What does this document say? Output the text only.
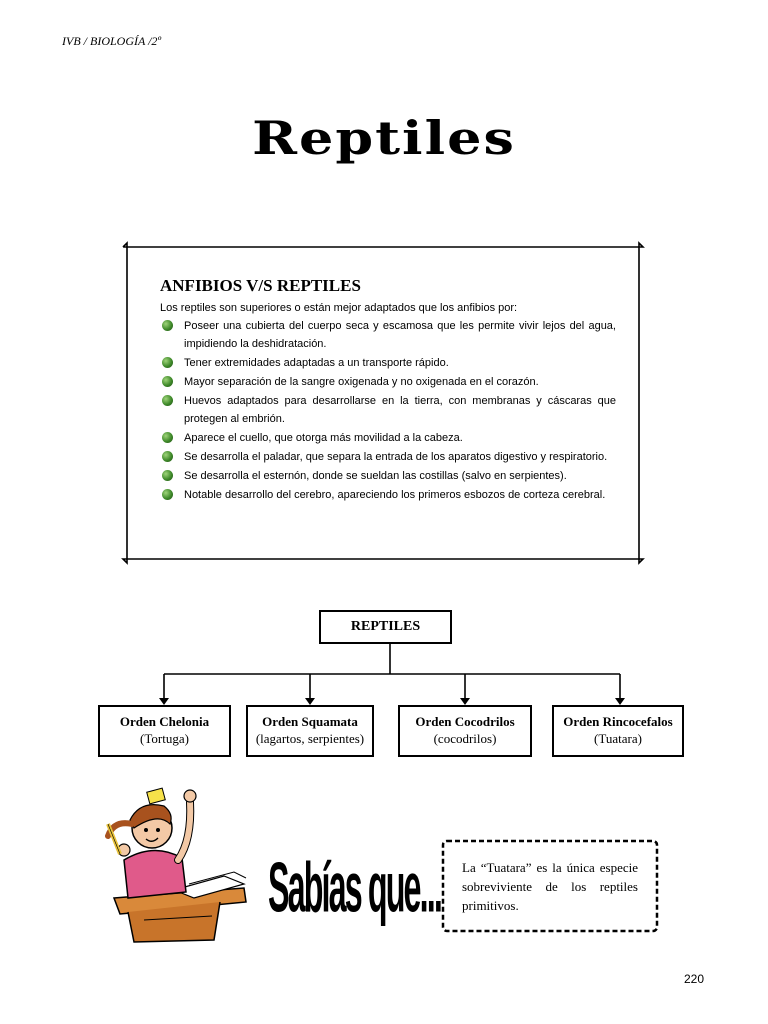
IVB / BIOLOGÍA /2º
Reptiles
ANFIBIOS V/S REPTILES
Los reptiles son superiores o están mejor adaptados que los anfibios por:
Poseer una cubierta del cuerpo seca y escamosa que les permite vivir lejos del agua, impidiendo la deshidratación.
Tener extremidades adaptadas a un transporte rápido.
Mayor separación de la sangre oxigenada y no oxigenada en el corazón.
Huevos adaptados para desarrollarse en la tierra, con membranas y cáscaras que protegen al embrión.
Aparece el cuello, que otorga más movilidad a la cabeza.
Se desarrolla el paladar, que separa la entrada de los aparatos digestivo y respiratorio.
Se desarrolla el esternón, donde se sueldan las costillas (salvo en serpientes).
Notable desarrollo del cerebro, apareciendo los primeros esbozos de corteza cerebral.
REPTILES
Orden Chelonia
(Tortuga)
Orden Squamata
(lagartos, serpientes)
Orden Cocodrilos
(cocodrilos)
Orden Rincocefalos
(Tuatara)
Sabías que... La “Tuatara” es la única especie sobreviviente de los reptiles primitivos.
220
